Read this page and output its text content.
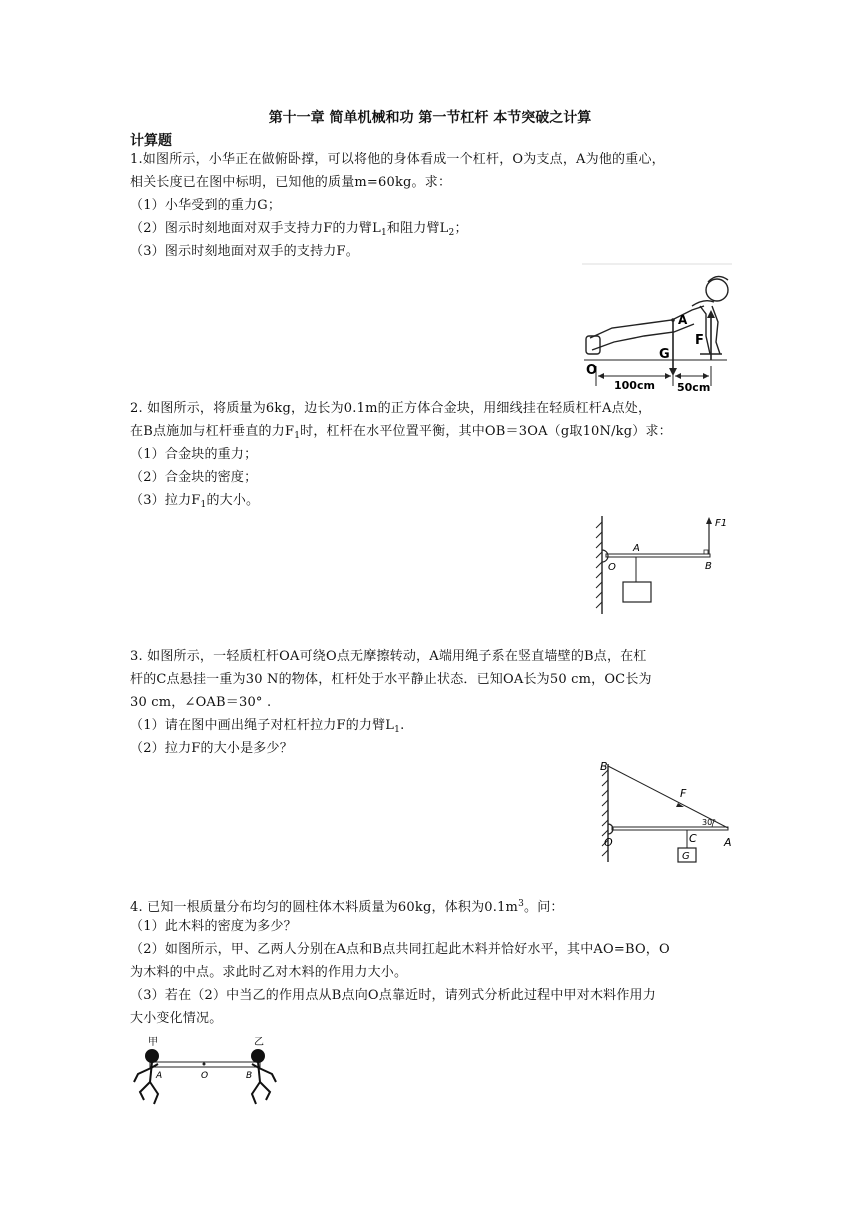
第十一章 简单机械和功 第一节杠杆 本节突破之计算
计算题
1.如图所示，小华正在做俯卧撑，可以将他的身体看成一个杠杆，O为支点，A为他的重心，
相关长度已在图中标明，已知他的质量m=60kg。求：
（1）小华受到的重力G；
（2）图示时刻地面对双手支持力F的力臂$L_1$和阻力臂$L_2$；
（3）图示时刻地面对双手的支持力F。
O
A
G
F
100cm 50cm
2. 如图所示，将质量为6kg，边长为0.1m的正方体合金块，用细线挂在轻质杠杆A点处，
在B点施加与杠杆垂直的力$F_1$时，杠杆在水平位置平衡，其中OB＝3OA（g取10N/kg）求：
（1）合金块的重力；
（2）合金块的密度；
（3）拉力$F_1$的大小。
O
A
B
F1
3. 如图所示，一轻质杠杆OA可绕O点无摩擦转动，A端用绳子系在竖直墙壁的B点，在杠
杆的C点悬挂一重为30 N的物体，杠杆处于水平静止状态．已知OA长为50 cm，OC长为
30 cm，∠OAB＝30° .
（1）请在图中画出绳子对杠杆拉力F的力臂$L_1$.
（2）拉力F的大小是多少？
B
F
30°
O	C A
G
4. 已知一根质量分布均匀的圆柱体木料质量为60kg，体积为$0.1m^3$。问：
（1）此木料的密度为多少？
（2）如图所示，甲、乙两人分别在A点和B点共同扛起此木料并恰好水平，其中AO=BO，O
为木料的中点。求此时乙对木料的作用力大小。
（3）若在（2）中当乙的作用点从B点向O点靠近时，请列式分析此过程中甲对木料作用力
大小变化情况。
甲	乙
A	O	B
